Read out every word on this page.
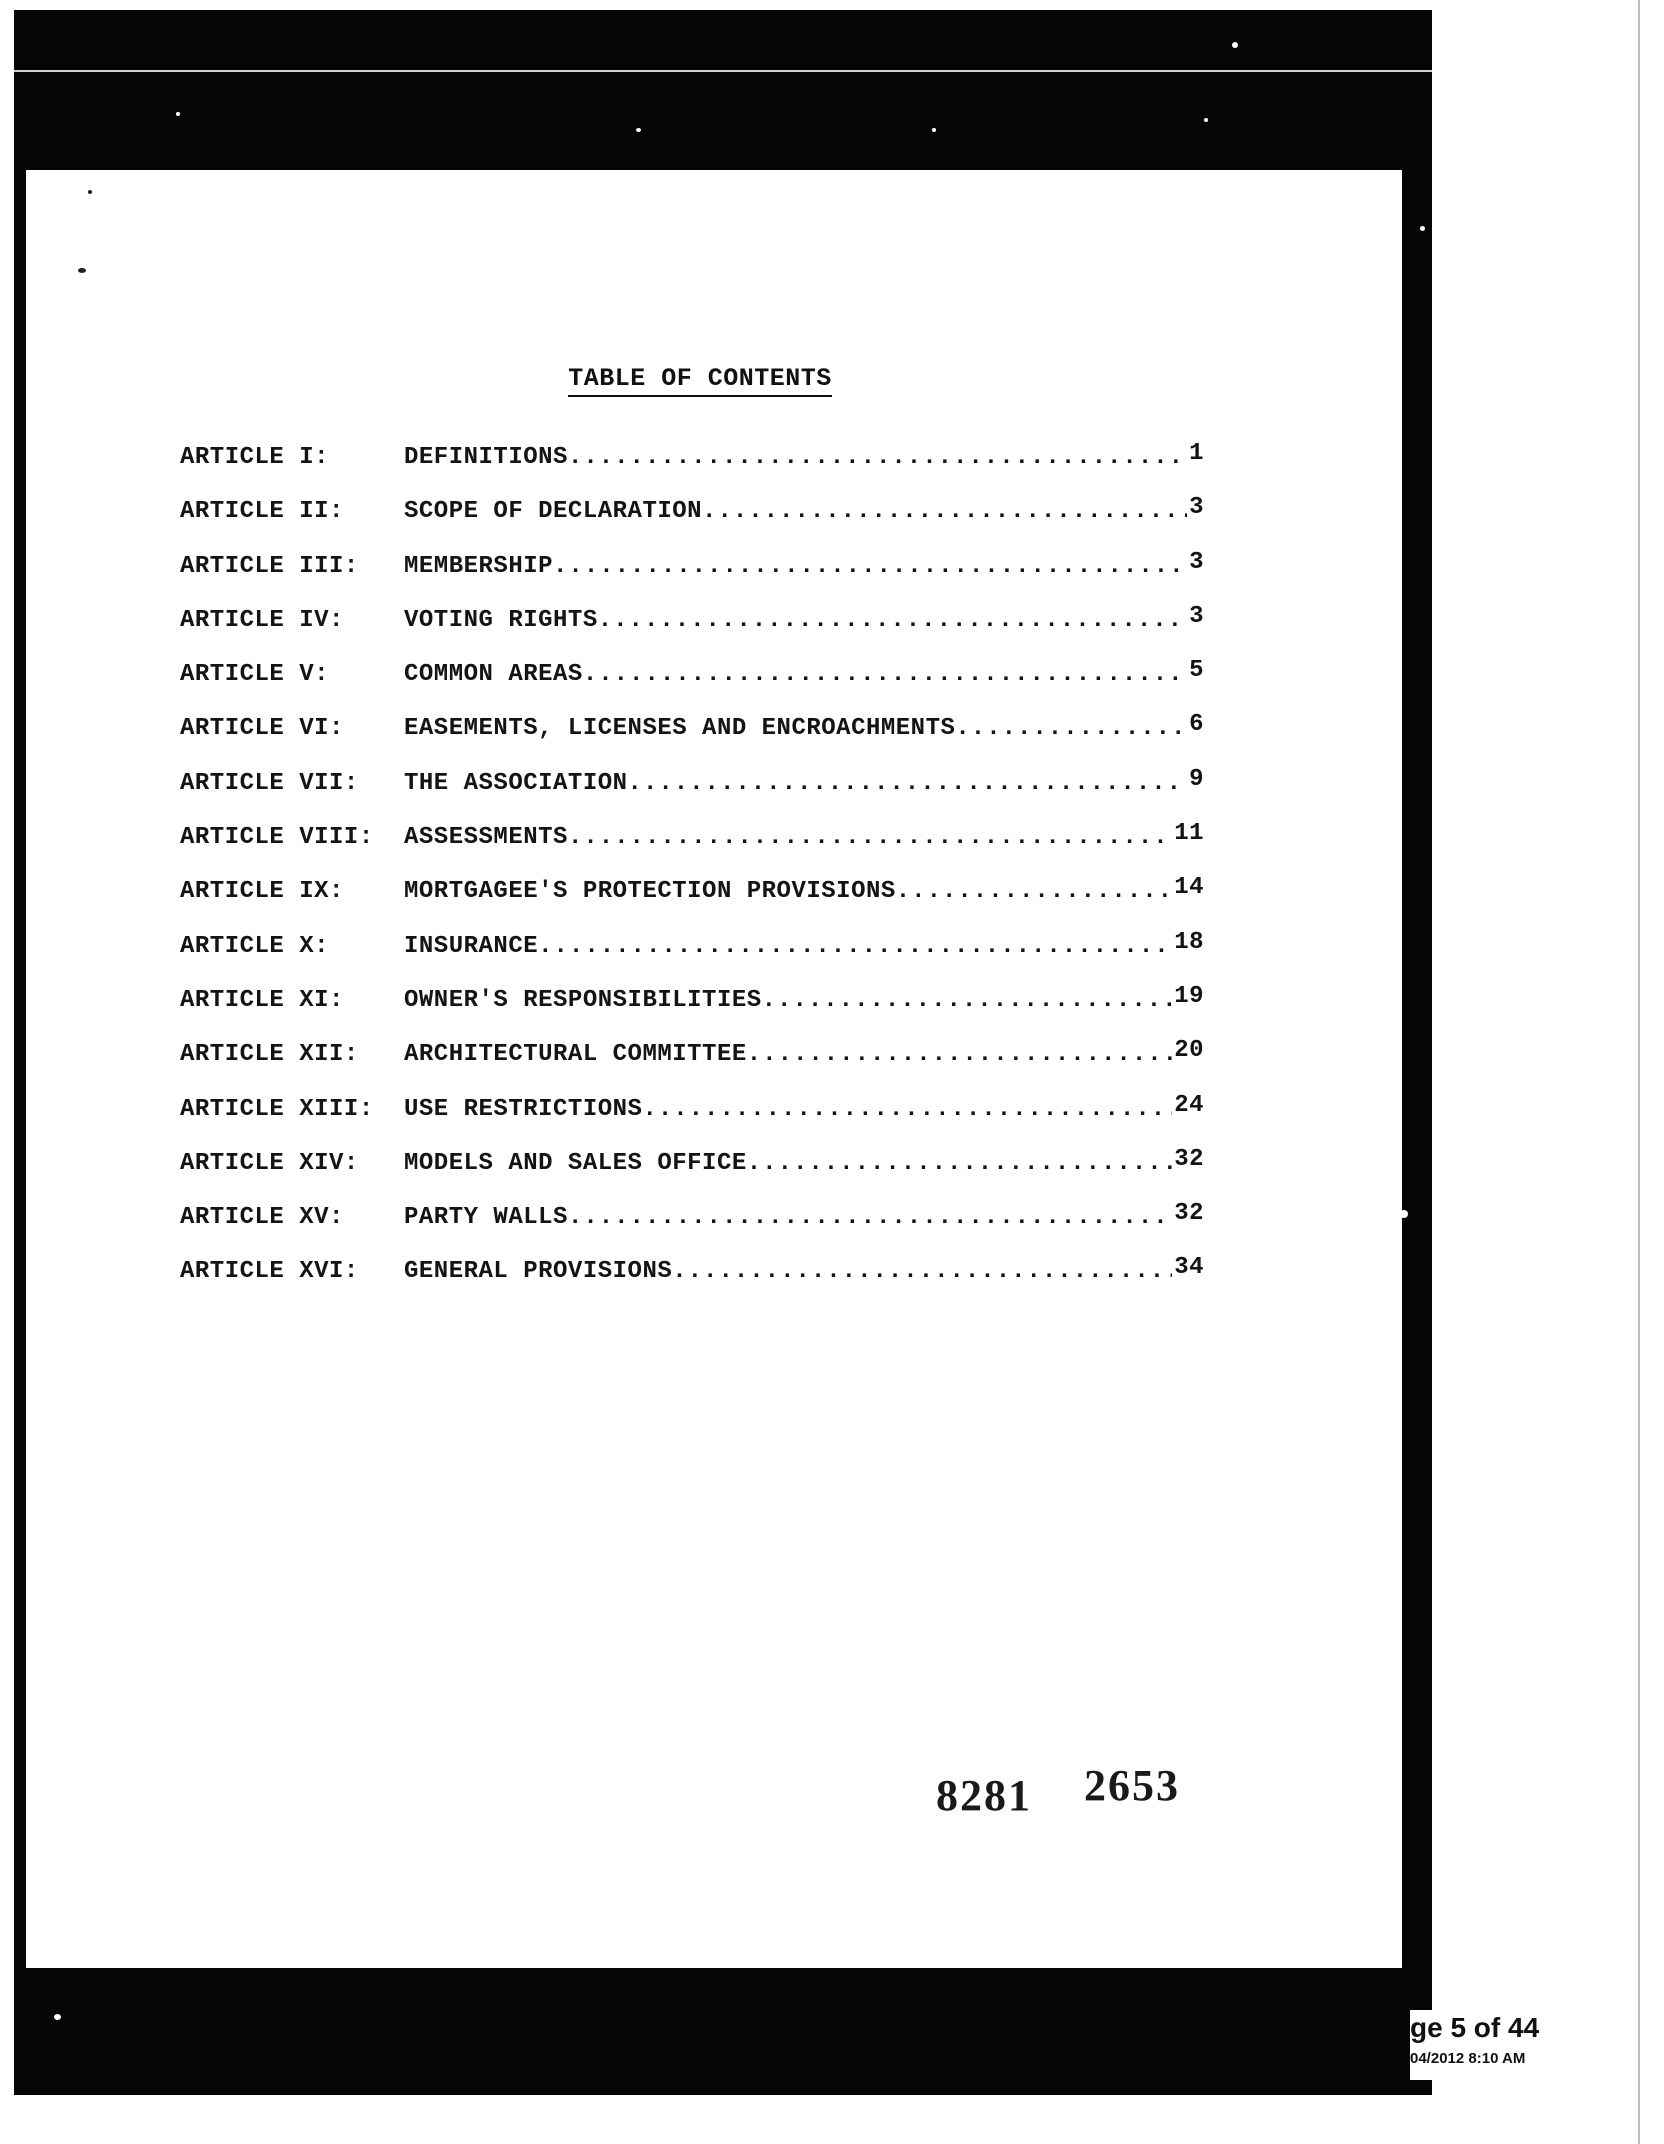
TABLE OF CONTENTS
ARTICLE I:	DEFINITIONS .....	1
ARTICLE II:	SCOPE OF DECLARATION .....	3
ARTICLE III: MEMBERSHIP .....	3
ARTICLE IV:	VOTING RIGHTS .....	3
ARTICLE V:	COMMON AREAS .....	5
ARTICLE VI:	EASEMENTS, LICENSES AND ENCROACHMENTS .....	6
ARTICLE VII: THE ASSOCIATION .....	9
ARTICLE VIII: ASSESSMENTS .....	11
ARTICLE IX:	MORTGAGEE'S PROTECTION PROVISIONS .....	14
ARTICLE X:	INSURANCE .....	18
ARTICLE XI:	OWNER'S RESPONSIBILITIES .....	19
ARTICLE XII: ARCHITECTURAL COMMITTEE .....	20
ARTICLE XIII: USE RESTRICTIONS .....	24
ARTICLE XIV: MODELS AND SALES OFFICE .....	32
ARTICLE XV:	PARTY WALLS .....	32
ARTICLE XVI: GENERAL PROVISIONS .....	34
8281 2653
ge 5 of 44
04/2012 8:10 AM
